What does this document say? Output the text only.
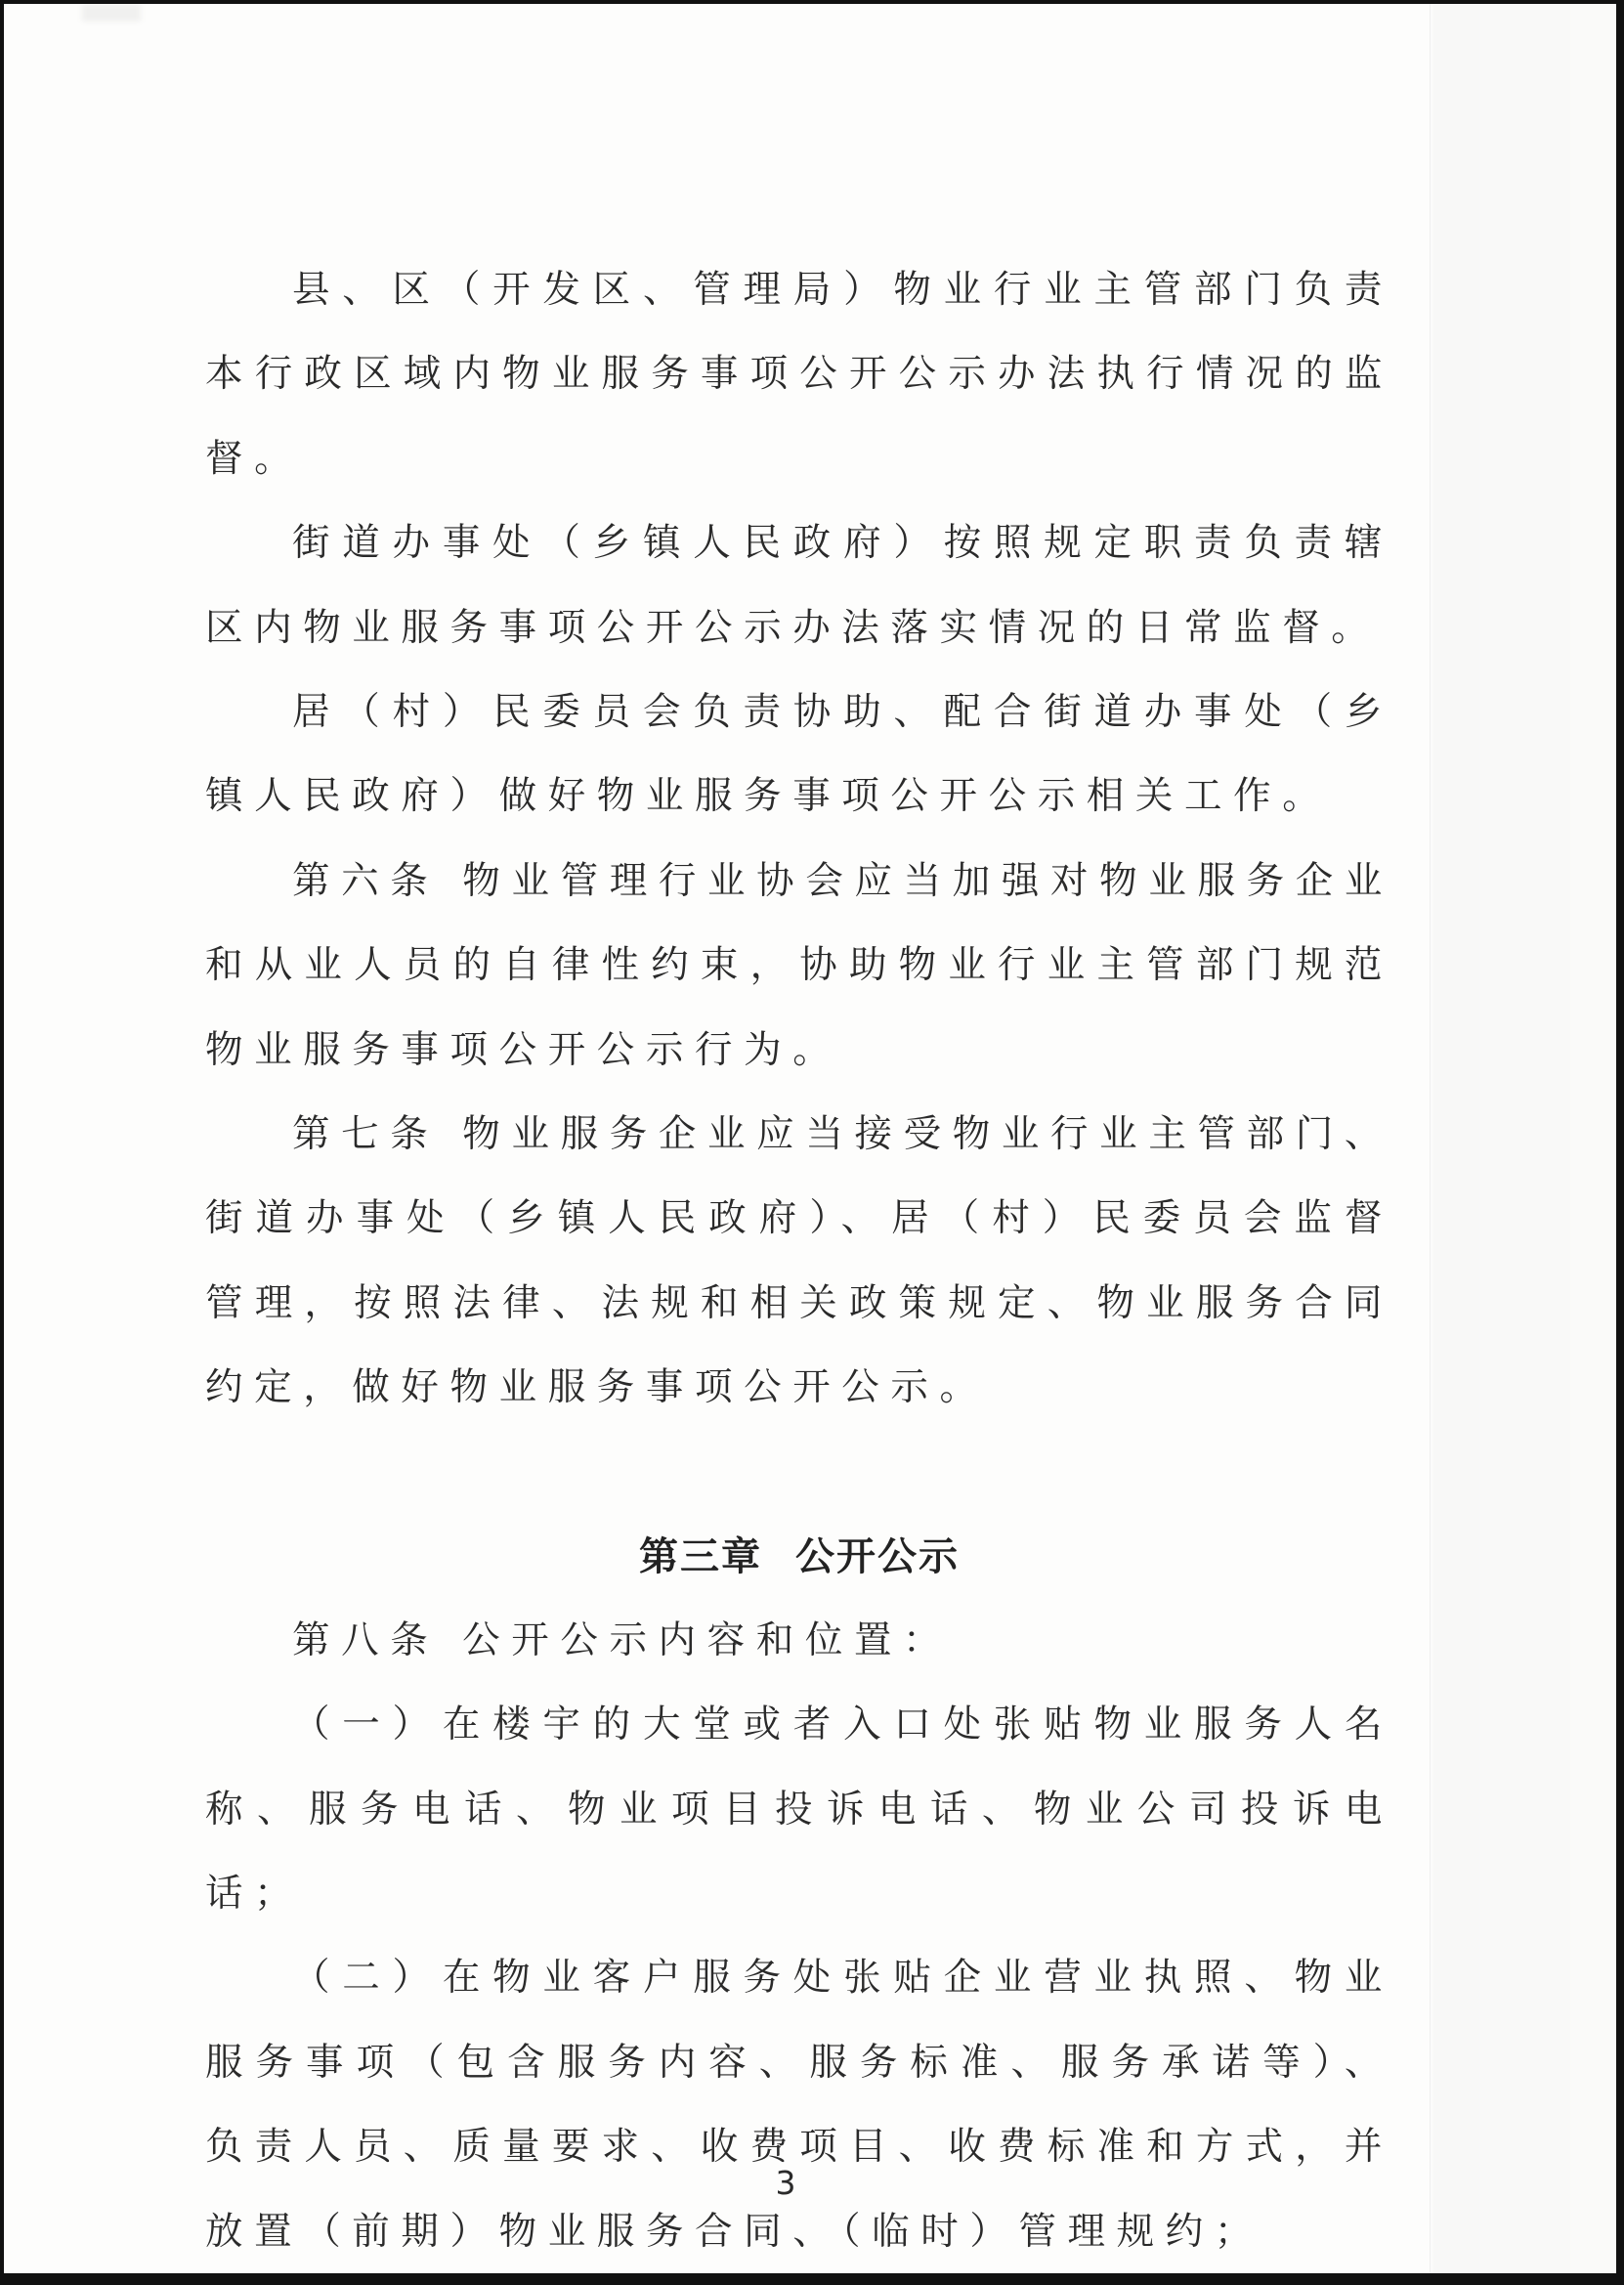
县、区（开发区、管理局）物业行业主管部门负责本行政区域内物业服务事项公开公示办法执行情况的监督。

街道办事处（乡镇人民政府）按照规定职责负责辖区内物业服务事项公开公示办法落实情况的日常监督。

居（村）民委员会负责协助、配合街道办事处（乡镇人民政府）做好物业服务事项公开公示相关工作。

第六条 物业管理行业协会应当加强对物业服务企业和从业人员的自律性约束，协助物业行业主管部门规范物业服务事项公开公示行为。

第七条 物业服务企业应当接受物业行业主管部门、街道办事处（乡镇人民政府）、居（村）民委员会监督管理，按照法律、法规和相关政策规定、物业服务合同约定，做好物业服务事项公开公示。

第三章 公开公示

第八条 公开公示内容和位置：

（一）在楼宇的大堂或者入口处张贴物业服务人名称、服务电话、物业项目投诉电话、物业公司投诉电话；

（二）在物业客户服务处张贴企业营业执照、物业服务事项（包含服务内容、服务标准、服务承诺等）、负责人员、质量要求、收费项目、收费标准和方式，并放置（前期）物业服务合同、（临时）管理规约；

3
